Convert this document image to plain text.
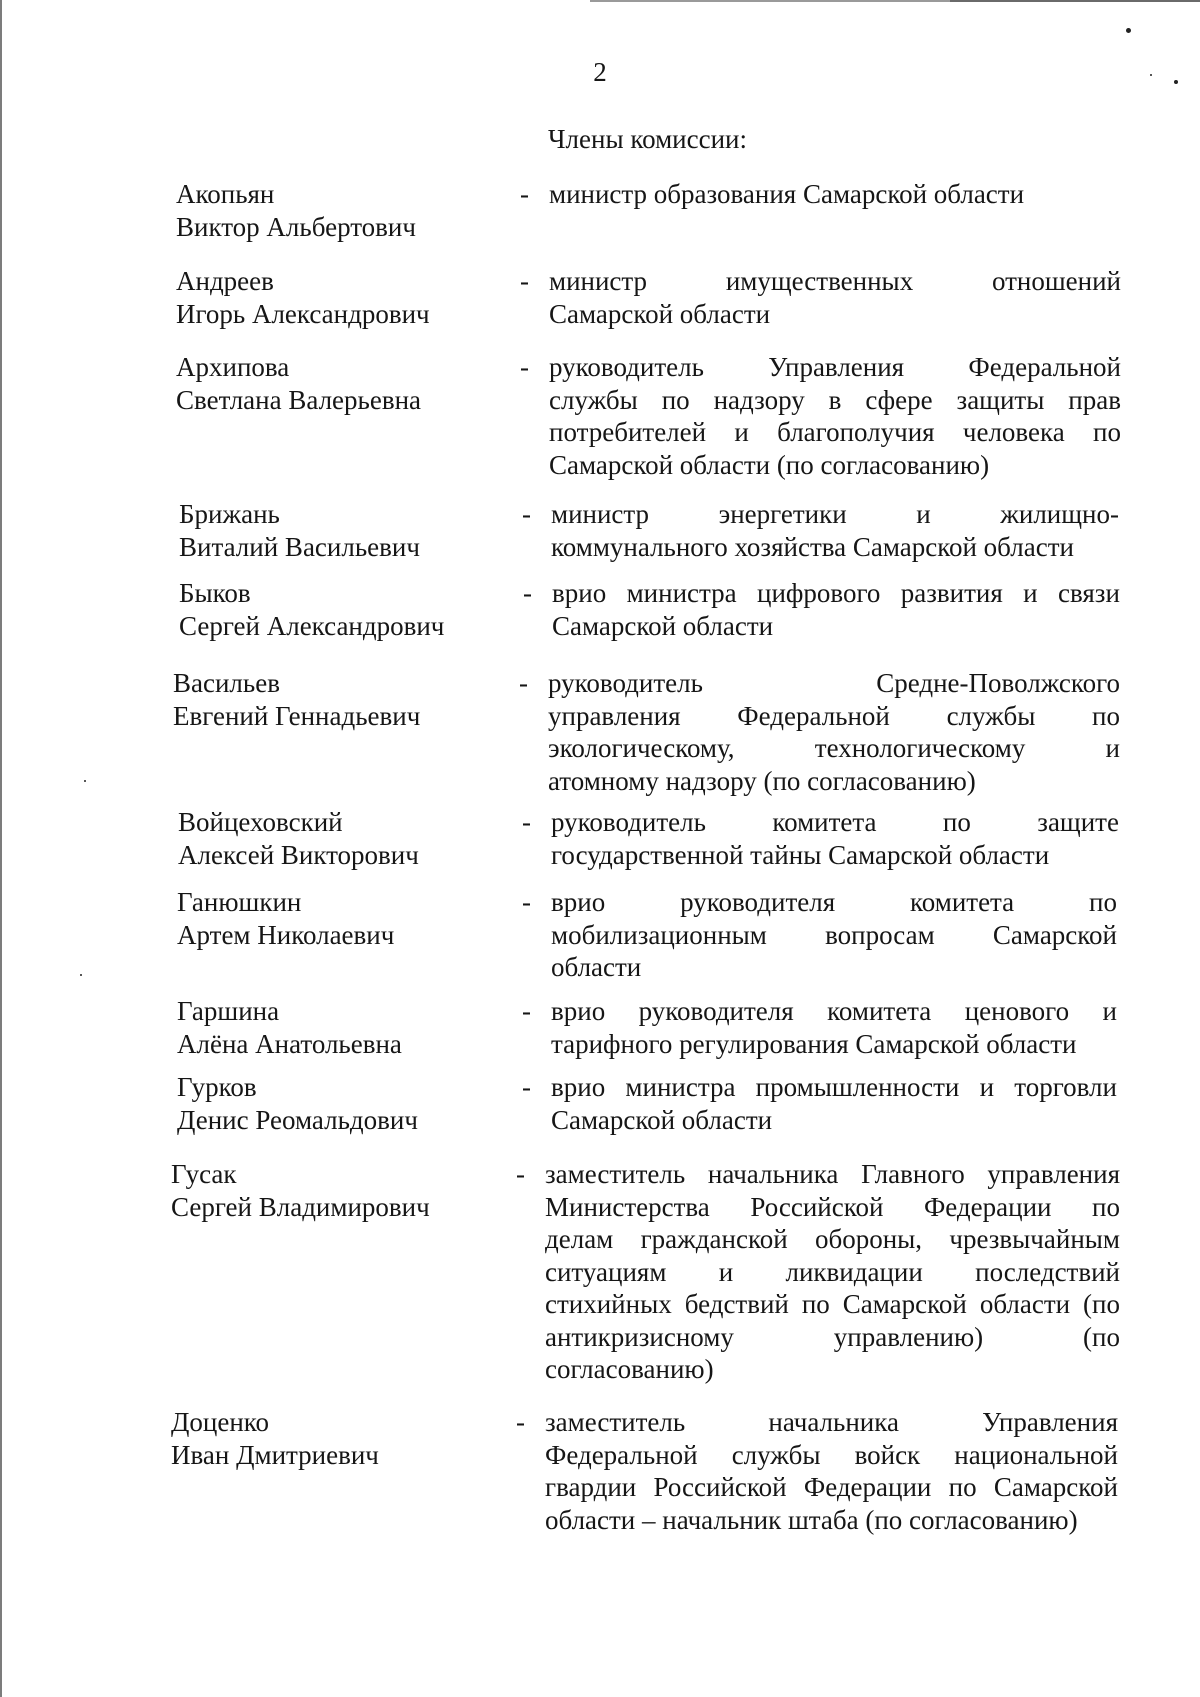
2
Члены комиссии:
Акопьян
Виктор Альбертович
- министр образования Самарской области
Андреев
Игорь Александрович
- министр	имущественных	отношений
Самарской области
Архипова
Светлана Валерьевна
- руководитель Управления Федеральной
службы по надзору в сфере защиты прав
потребителей и благополучия человека по
Самарской области (по согласованию)
Брижань
Виталий Васильевич
- министр	энергетики	и	жилищно-
коммунального хозяйства Самарской области
Быков
Сергей Александрович
- врио министра цифрового развития и связи
Самарской области
Васильев
Евгений Геннадьевич
- руководитель	Средне-Поволжского
управления Федеральной службы по
экологическому,	технологическому	и
атомному надзору (по согласованию)
Войцеховский
Алексей Викторович
- руководитель комитета по защите
государственной тайны Самарской области
Ганюшкин
Артем Николаевич
- врио	руководителя	комитета	по
мобилизационным вопросам Самарской
области
Гаршина
Алёна Анатольевна
- врио руководителя комитета ценового и
тарифного регулирования Самарской области
Гурков
Денис Реомальдович
- врио министра промышленности и торговли
Самарской области
Гусак
Сергей Владимирович
- заместитель начальника Главного управления
Министерства Российской Федерации по
делам гражданской обороны, чрезвычайным
ситуациям и ликвидации последствий
стихийных бедствий по Самарской области (по
антикризисному	управлению)	(по
согласованию)
Доценко
Иван Дмитриевич
- заместитель	начальника	Управления
Федеральной службы войск национальной
гвардии Российской Федерации по Самарской
области – начальник штаба (по согласованию)
